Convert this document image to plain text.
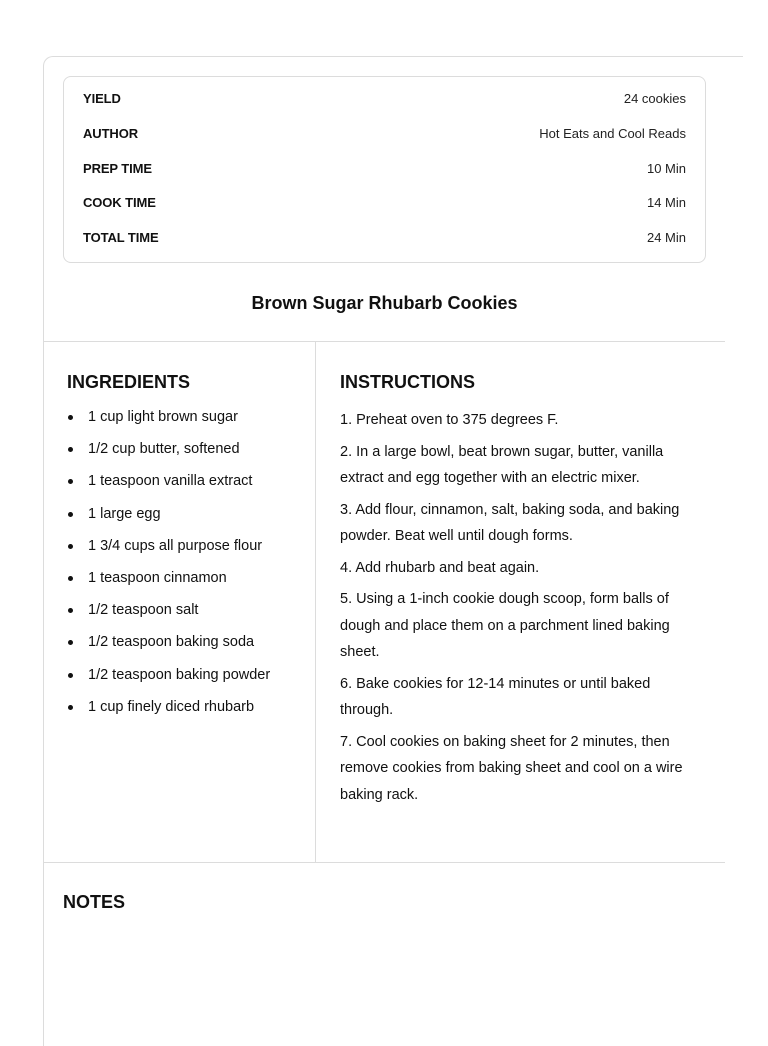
YIELD	24 cookies
AUTHOR	Hot Eats and Cool Reads
PREP TIME	10 Min
COOK TIME	14 Min
TOTAL TIME	24 Min
Brown Sugar Rhubarb Cookies
INGREDIENTS
1 cup light brown sugar
1/2 cup butter, softened
1 teaspoon vanilla extract
1 large egg
1 3/4 cups all purpose flour
1 teaspoon cinnamon
1/2 teaspoon salt
1/2 teaspoon baking soda
1/2 teaspoon baking powder
1 cup finely diced rhubarb
INSTRUCTIONS
1. Preheat oven to 375 degrees F.
2. In a large bowl, beat brown sugar, butter, vanilla extract and egg together with an electric mixer.
3. Add flour, cinnamon, salt, baking soda, and baking powder. Beat well until dough forms.
4. Add rhubarb and beat again.
5. Using a 1-inch cookie dough scoop, form balls of dough and place them on a parchment lined baking sheet.
6. Bake cookies for 12-14 minutes or until baked through.
7. Cool cookies on baking sheet for 2 minutes, then remove cookies from baking sheet and cool on a wire baking rack.
NOTES
